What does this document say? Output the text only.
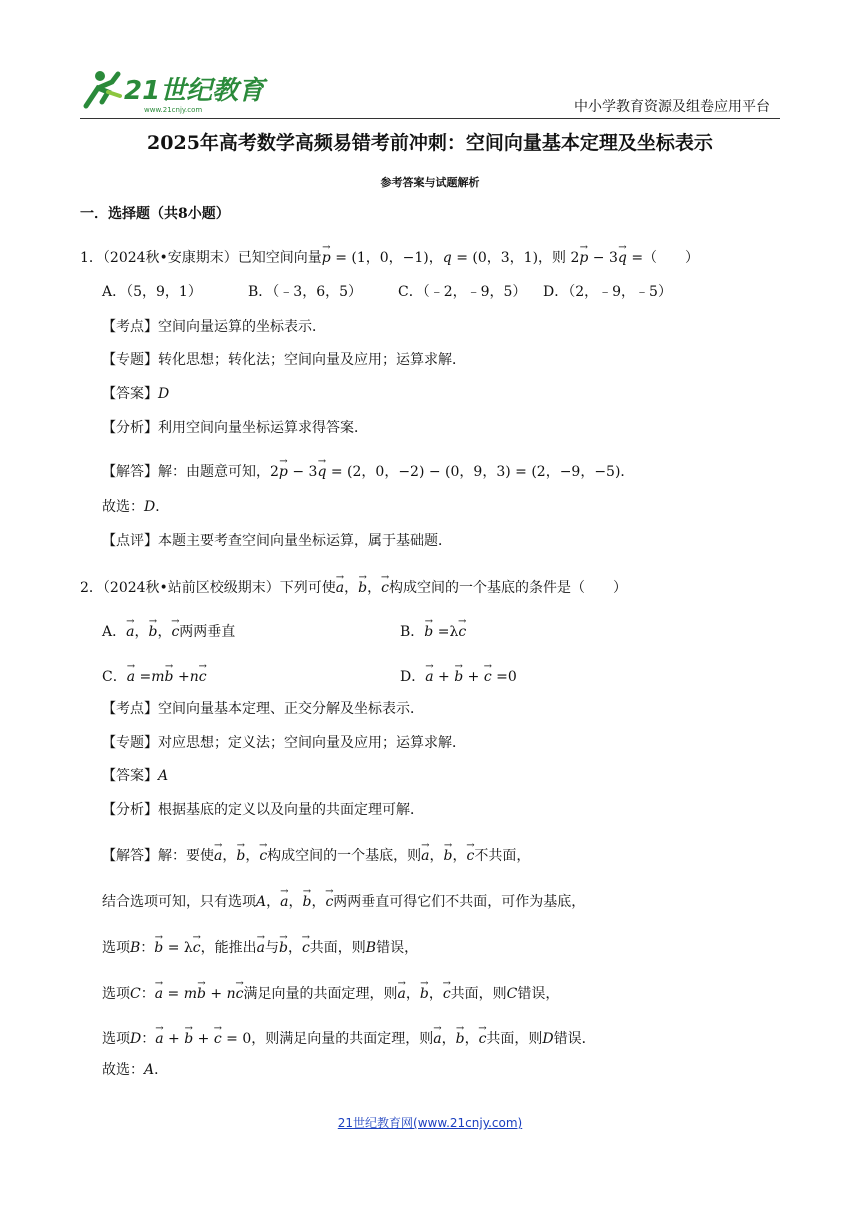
21世纪教育
www.21cnjy.com	中小学教育资源及组卷应用平台
2025年高考数学高频易错考前冲刺：空间向量基本定理及坐标表示
参考答案与试题解析
一．选择题（共8小题）
1．（2024秋•安康期末）已知空间向量→ p = (1，0，−1)，q = (0，3，1)，则 2→ p − 3→ q =（　　）
A．（5，9，1）	B．（﹣3，6，5）	C．（﹣2，﹣9，5） D．（2，﹣9，﹣5）
【考点】空间向量运算的坐标表示．
【专题】转化思想；转化法；空间向量及应用；运算求解．
【答案】D
【分析】利用空间向量坐标运算求得答案．
【解答】解：由题意可知，2→ p − 3→ q = (2，0，−2) − (0，9，3) = (2，−9，−5)．
故选：D．
【点评】本题主要考查空间向量坐标运算，属于基础题．
2．（2024秋•站前区校级期末）下列可使→ a，→ b，→ c构成空间的一个基底的条件是（　　）
A．→ a，→ b，→ c两两垂直	B．→ b =λ→ c
C．→ a =m→ b +n→ c	D．→ a + → b + → c =0
【考点】空间向量基本定理、正交分解及坐标表示．
【专题】对应思想；定义法；空间向量及应用；运算求解．
【答案】A
【分析】根据基底的定义以及向量的共面定理可解．
【解答】解：要使→ a，→ b，→ c构成空间的一个基底，则→ a，→ b，→ c不共面，
结合选项可知，只有选项A，→ a，→ b，→ c两两垂直可得它们不共面，可作为基底，
选项B：→ b = λ→ c，能推出→ a与→ b，→ c共面，则B错误，
选项C：→ a = m→ b + n→ c满足向量的共面定理，则→ a，→ b，→ c共面，则C错误，
选项D：→ a + → b + → c = 0，则满足向量的共面定理，则→ a，→ b，→ c共面，则D错误．
故选：A．
21世纪教育网(www.21cnjy.com)
